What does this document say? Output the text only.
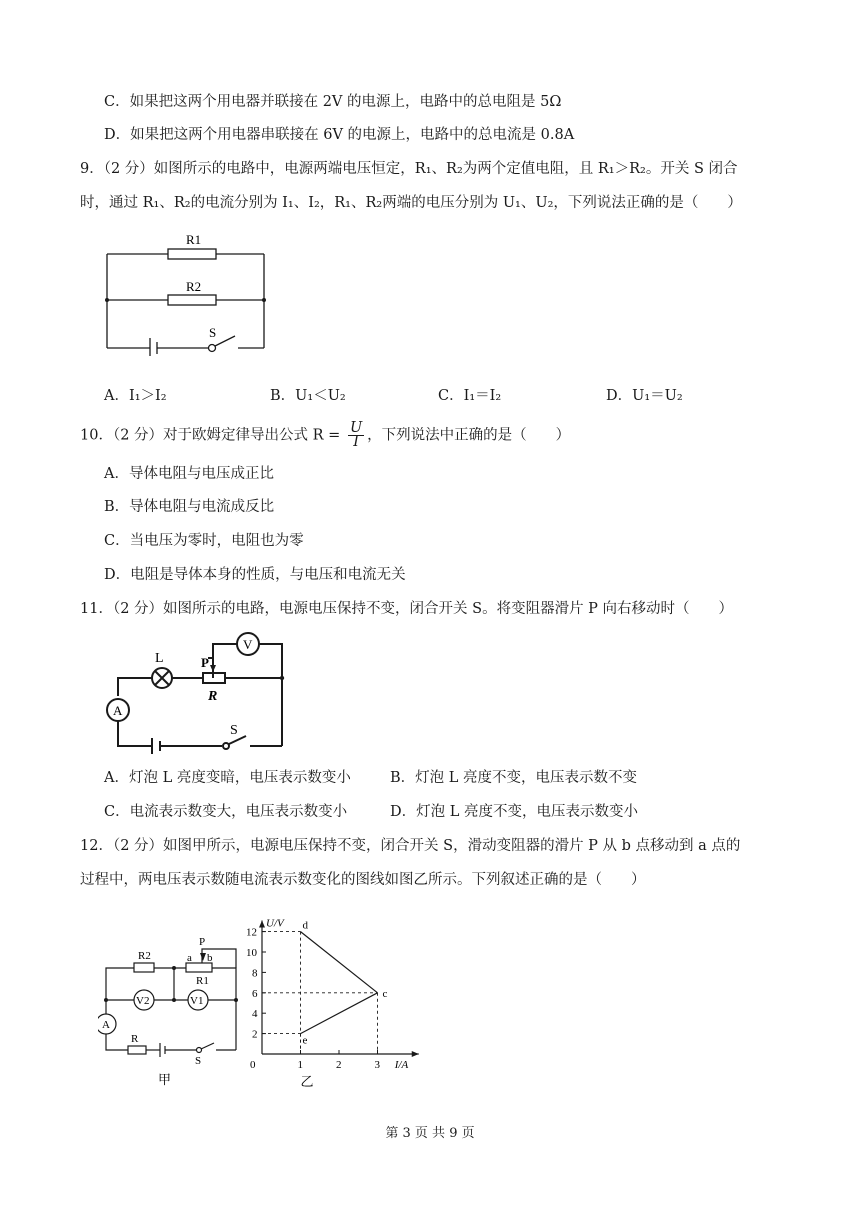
C．如果把这两个用电器并联接在 2V 的电源上，电路中的总电阻是 5Ω
D．如果把这两个用电器串联接在 6V 的电源上，电路中的总电流是 0.8A
9．（2 分）如图所示的电路中，电源两端电压恒定，R₁、R₂为两个定值电阻，且 R₁＞R₂。开关 S 闭合
时，通过 R₁、R₂的电流分别为 I₁、I₂，R₁、R₂两端的电压分别为 U₁、U₂，下列说法正确的是（　　）
R1
R2
S
A．I₁＞I₂	B．U₁＜U₂	C．I₁＝I₂	D．U₁＝U₂
10．（2 分）对于欧姆定律导出公式 $R = \frac{U}{I}$ ，下列说法中正确的是（　　）
A．导体电阻与电压成正比
B．导体电阻与电流成反比
C．当电压为零时，电阻也为零
D．电阻是导体本身的性质，与电压和电流无关
11．（2 分）如图所示的电路，电源电压保持不变，闭合开关 S。将变阻器滑片 P 向右移动时（　　）
L	P
R
A
V
S
A．灯泡 L 亮度变暗，电压表示数变小	B．灯泡 L 亮度不变，电压表示数不变
C．电流表示数变大，电压表示数变小	D．灯泡 L 亮度不变，电压表示数变小
12．（2 分）如图甲所示，电源电压保持不变，闭合开关 S，滑动变阻器的滑片 P 从 b 点移动到 a 点的
过程中，两电压表示数随电流表示数变化的图线如图乙所示。下列叙述正确的是（　　）
R2
P
a b
R1
V2	V1
A
R
S
甲
1	2	3
2
4
6
8
10
12
0
U/V
I/A
d
c
e
乙
第 3 页 共 9 页
